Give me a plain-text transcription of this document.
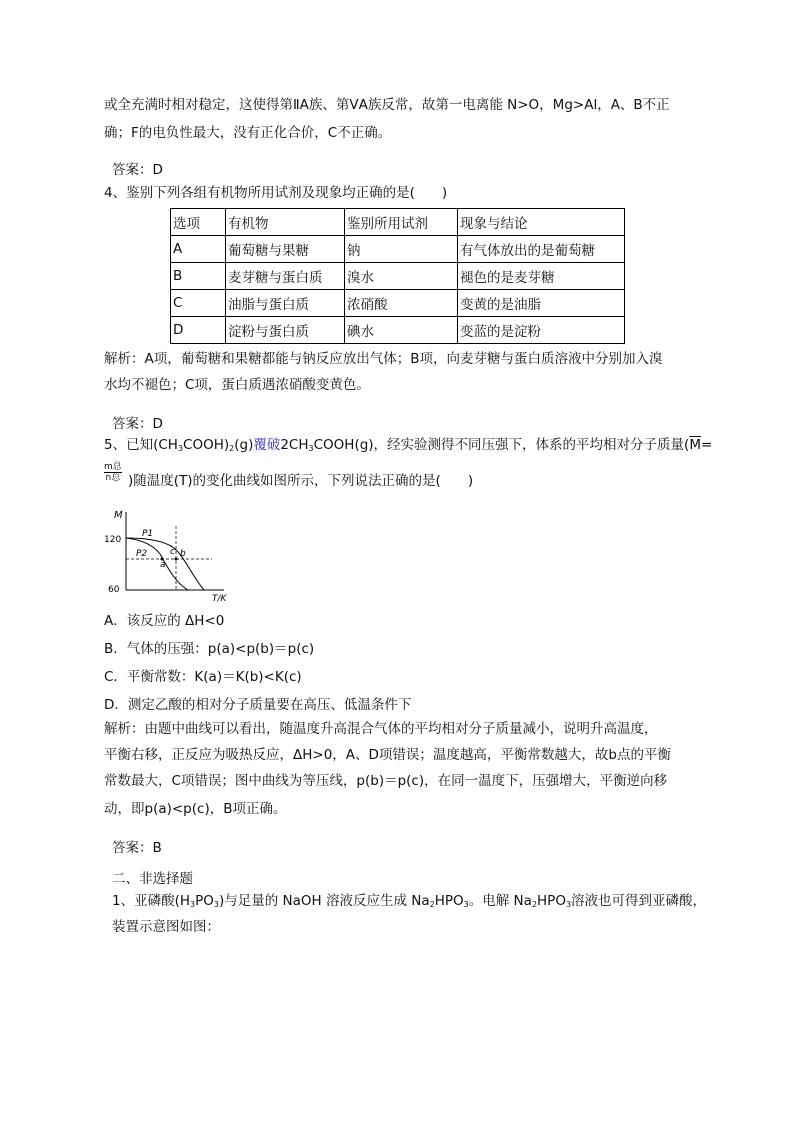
或全充满时相对稳定，这使得第ⅡA族、第ⅤA族反常，故第一电离能 N>O，Mg>Al，A、B不正
确；F的电负性最大，没有正化合价，C不正确。
答案：D
4、鉴别下列各组有机物所用试剂及现象均正确的是(　　)
选项	有机物	鉴别所用试剂	现象与结论
A	葡萄糖与果糖	钠	有气体放出的是葡萄糖
B	麦芽糖与蛋白质	溴水	褪色的是麦芽糖
C	油脂与蛋白质	浓硝酸	变黄的是油脂
D	淀粉与蛋白质	碘水	变蓝的是淀粉
解析：A项，葡萄糖和果糖都能与钠反应放出气体；B项，向麦芽糖与蛋白质溶液中分别加入溴
水均不褪色；C项，蛋白质遇浓硝酸变黄色。
答案：D
5、已知$(CH_3COOH)_2(g)$覆破$2CH_3COOH(g)$，经实验测得不同压强下，体系的平均相对分子质量($\overline{M}=$
m总
n总 )随温度(T)的变化曲线如图所示，下列说法正确的是(　　)
M
T/K
120
60
P1
P2
a
b
c
A．该反应的 ΔH<0
B．气体的压强：p(a)<p(b)＝p(c)
C．平衡常数：K(a)＝K(b)<K(c)
D．测定乙酸的相对分子质量要在高压、低温条件下
解析：由题中曲线可以看出，随温度升高混合气体的平均相对分子质量减小，说明升高温度，
平衡右移，正反应为吸热反应，ΔH>0，A、D项错误；温度越高，平衡常数越大，故b点的平衡
常数最大，C项错误；图中曲线为等压线，p(b)＝p(c)，在同一温度下，压强增大，平衡逆向移
动，即p(a)<p(c)，B项正确。
答案：B
二、非选择题
1、亚磷酸$(H_3PO_3)$与足量的 NaOH 溶液反应生成 $Na_2HPO_3$。电解 $Na_2HPO_3$溶液也可得到亚磷酸，
装置示意图如图：
